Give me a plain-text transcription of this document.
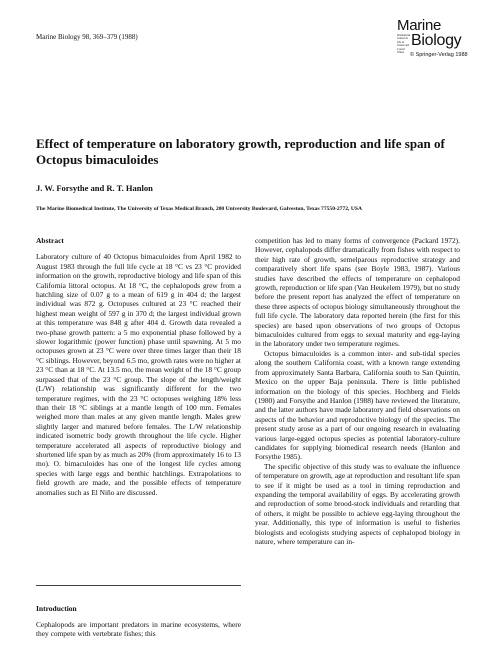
Marine Biology 98, 369–379 (1988)
Marine
International Journal on Life in Oceans and Coastal Waters
Biology
© Springer-Verlag 1988
Effect of temperature on laboratory growth, reproduction and life span of Octopus bimaculoides
J. W. Forsythe and R. T. Hanlon
The Marine Biomedical Institute, The University of Texas Medical Branch, 200 University Boulevard, Galveston, Texas 77550-2772, USA
Abstract

Laboratory culture of 40 Octopus bimaculoides from April 1982 to August 1983 through the full life cycle at 18 °C vs 23 °C provided information on the growth, reproductive biology and life span of this California littoral octopus. At 18 °C, the cephalopods grew from a hatchling size of 0.07 g to a mean of 619 g in 404 d; the largest individual was 872 g. Octopuses cultured at 23 °C reached their highest mean weight of 597 g in 370 d; the largest individual grown at this temperature was 848 g after 404 d. Growth data revealed a two-phase growth pattern: a 5 mo exponential phase followed by a slower logarithmic (power function) phase until spawning. At 5 mo octopuses grown at 23 °C were over three times larger than their 18 °C siblings. However, beyond 6.5 mo, growth rates were no higher at 23 °C than at 18 °C. At 13.5 mo, the mean weight of the 18 °C group surpassed that of the 23 °C group. The slope of the length/weight (L/W) relationship was significantly different for the two temperature regimes, with the 23 °C octopuses weighing 18% less than their 18 °C siblings at a mantle length of 100 mm. Females weighed more than males at any given mantle length. Males grew slightly larger and matured before females. The L/W relationship indicated isometric body growth throughout the life cycle. Higher temperature accelerated all aspects of reproductive biology and shortened life span by as much as 20% (from approximately 16 to 13 mo). O. bimaculoides has one of the longest life cycles among species with large eggs and benthic hatchlings. Extrapolations to field growth are made, and the possible effects of temperature anomalies such as El Niño are discussed.

Introduction

Cephalopods are important predators in marine ecosystems, where they compete with vertebrate fishes; this

competition has led to many forms of convergence (Packard 1972). However, cephalopods differ dramatically from fishes with respect to their high rate of growth, semelparous reproductive strategy and comparatively short life spans (see Boyle 1983, 1987). Various studies have described the effects of temperature on cephalopod growth, reproduction or life span (Van Heukelem 1979), but no study before the present report has analyzed the effect of temperature on these three aspects of octopus biology simultaneously throughout the full life cycle. The laboratory data reported herein (the first for this species) are based upon observations of two groups of Octopus bimaculoides cultured from eggs to sexual maturity and egg-laying in the laboratory under two temperature regimes.

Octopus bimaculoides is a common inter- and sub-tidal species along the southern California coast, with a known range extending from approximately Santa Barbara, California south to San Quintin, Mexico on the upper Baja peninsula. There is little published information on the biology of this species. Hochberg and Fields (1980) and Forsythe and Hanlon (1988) have reviewed the literature, and the latter authors have made laboratory and field observations on aspects of the behavior and reproductive biology of the species. The present study arose as a part of our ongoing research in evaluating various large-egged octopus species as potential laboratory-culture candidates for supplying biomedical research needs (Hanlon and Forsythe 1985).

The specific objective of this study was to evaluate the influence of temperature on growth, age at reproduction and resultant life span to see if it might be used as a tool in timing reproduction and expanding the temporal availability of eggs. By accelerating growth and reproduction of some brood-stock individuals and retarding that of others, it might be possible to achieve egg-laying throughout the year. Additionally, this type of information is useful to fisheries biologists and ecologists studying aspects of cephalopod biology in nature, where temperature can in-
